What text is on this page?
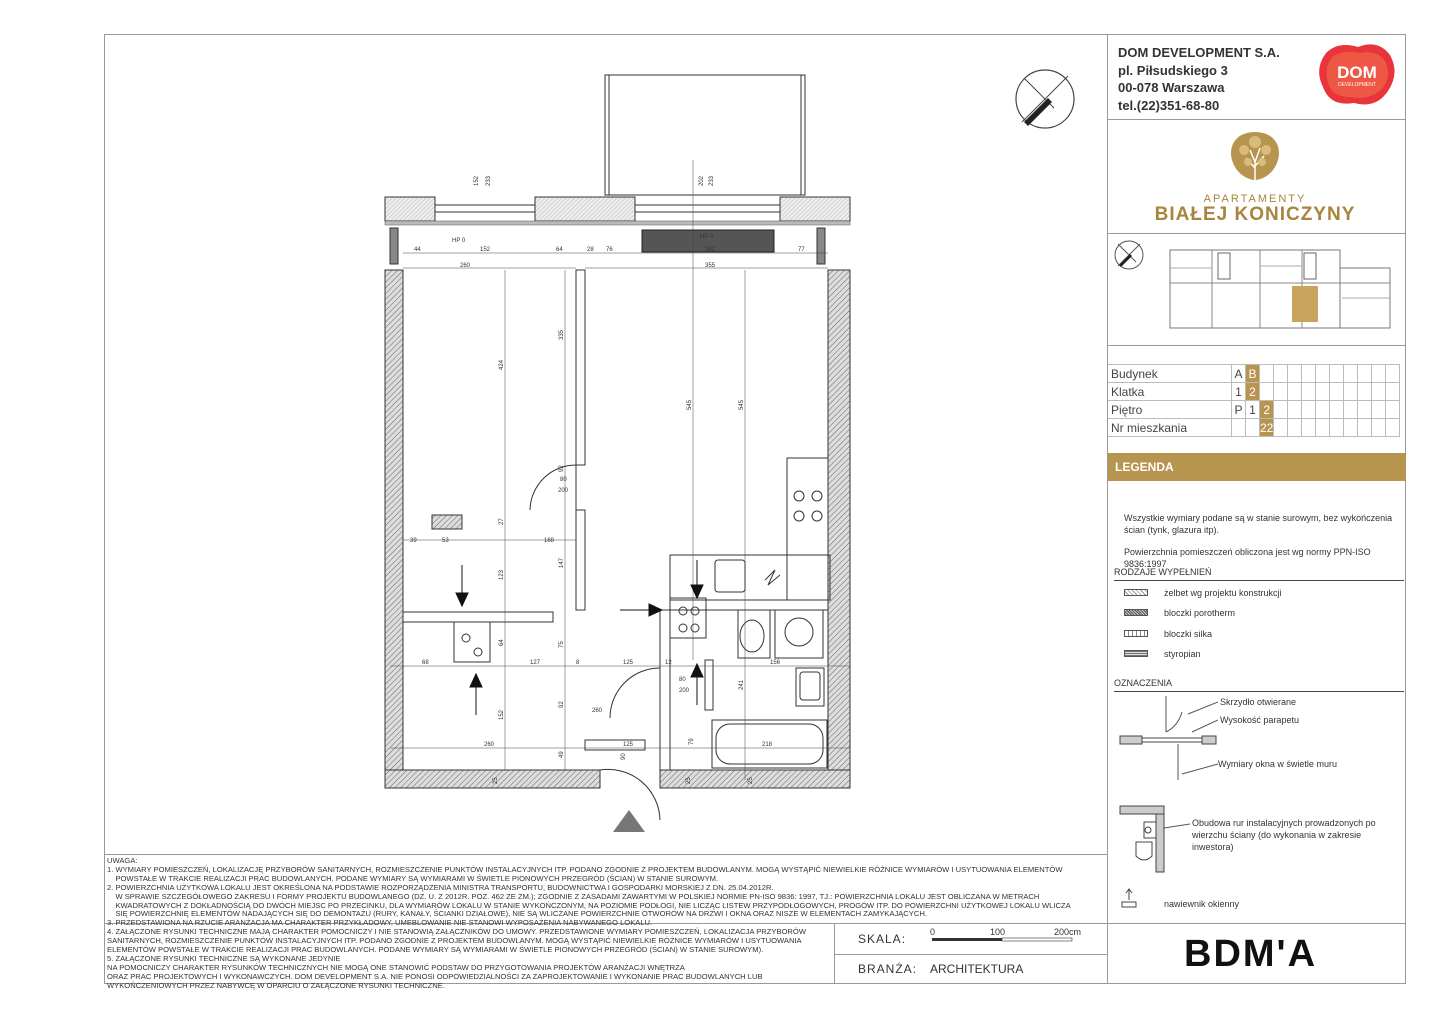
DOM DEVELOPMENT S.A.
pl. Piłsudskiego 3
00-078 Warszawa
tel.(22)351-68-80
DOM
DEVELOPMENT
APARTAMENTY
BIAŁEJ KONICZYNY
Budynek	A	B										
Klatka	1	2										
Piętro	P	1	2									
Nr mieszkania			22									
LEGENDA
Wszystkie wymiary podane są w stanie surowym, bez wykończenia ścian (tynk, glazura itp).
Powierzchnia pomieszczeń obliczona jest wg normy PPN-ISO 9836:1997
RODZAJE WYPEŁNIEŃ
żelbet wg projektu konstrukcji
bloczki porotherm
bloczki silka
styropian
OZNACZENIA
Skrzydło otwierane
Wysokość parapetu
Wymiary okna w świetle muru
Obudowa rur instalacyjnych prowadzonych po wierzchu ściany (do wykonania w zakresie inwestora)
nawiewnik okienny

UWAGA:

1. WYMIARY POMIESZCZEŃ, LOKALIZACJĘ PRZYBORÓW SANITARNYCH, ROZMIESZCZENIE PUNKTÓW INSTALACYJNYCH ITP. PODANO ZGODNIE Z PROJEKTEM BUDOWLANYM. MOGĄ WYSTĄPIĆ NIEWIELKIE RÓŻNICE WYMIARÓW I USYTUOWANIA ELEMENTÓW

POWSTAŁE W TRAKCIE REALIZACJI PRAC BUDOWLANYCH. PODANE WYMIARY SĄ WYMIARAMI W ŚWIETLE PIONOWYCH PRZEGRÓD (ŚCIAN) W STANIE SUROWYM.

2. POWIERZCHNIA UŻYTKOWA LOKALU JEST OKREŚLONA NA PODSTAWIE ROZPORZĄDZENIA MINISTRA TRANSPORTU, BUDOWNICTWA I GOSPODARKI MORSKIEJ Z DN. 25.04.2012R.

W SPRAWIE SZCZEGÓŁOWEGO ZAKRESU I FORMY PROJEKTU BUDOWLANEGO (DZ. U. Z 2012R. POZ. 462 ZE ZM.); ZGODNIE Z ZASADAMI ZAWARTYMI W POLSKIEJ NORMIE PN-ISO 9836: 1997, TJ.: POWIERZCHNIA LOKALU JEST OBLICZANA W METRACH

KWADRATOWYCH Z DOKŁADNOŚCIĄ DO DWÓCH MIEJSC PO PRZECINKU, DLA WYMIARÓW LOKALU W STANIE WYKOŃCZONYM, NA POZIOMIE PODŁOGI, NIE LICZĄC LISTEW PRZYPODŁOGOWYCH, PROGÓW ITP. DO POWIERZCHNI UŻYTKOWEJ LOKALU WLICZA

SIĘ POWIERZCHNIĘ ELEMENTÓW NADAJĄCYCH SIĘ DO DEMONTAŻU (RURY, KANAŁY, ŚCIANKI DZIAŁOWE), NIE SĄ WLICZANE POWIERZCHNIE OTWORÓW NA DRZWI I OKNA ORAZ NISZE W ELEMENTACH ZAMYKAJĄCYCH.

3. PRZEDSTAWIONA NA RZUCIE ARANŻACJA MA CHARAKTER PRZYKŁADOWY, UMEBLOWANIE NIE STANOWI WYPOSAŻENIA NABYWANEGO LOKALU.

4. ZAŁĄCZONE RYSUNKI TECHNICZNE MAJĄ CHARAKTER POMOCNICZY I NIE STANOWIĄ ZAŁĄCZNIKÓW DO UMOWY. PRZEDSTAWIONE WYMIARY POMIESZCZEŃ, LOKALIZACJA PRZYBORÓW

SANITARNYCH, ROZMIESZCZENIE PUNKTÓW INSTALACYJNYCH ITP. PODANO ZGODNIE Z PROJEKTEM BUDOWLANYM. MOGĄ WYSTĄPIĆ NIEWIELKIE RÓŻNICE WYMIARÓW I USYTUOWANIA

ELEMENTÓW POWSTAŁE W TRAKCIE REALIZACJI PRAC BUDOWLANYCH. PODANE WYMIARY SĄ WYMIARAMI W ŚWIETLE PIONOWYCH PRZEGRÓD (ŚCIAN) W STANIE SUROWYM).

5. ZAŁĄCZONE RYSUNKI TECHNICZNE SĄ WYKONANE JEDYNIE

NA POMOCNICZY CHARAKTER RYSUNKÓW TECHNICZNYCH NIE MOGĄ ONE STANOWIĆ PODSTAW DO PRZYGOTOWANIA PROJEKTÓW ARANŻACJI WNĘTRZA

ORAZ PRAC PROJEKTOWYCH I WYKONAWCZYCH. DOM DEVELOPMENT S.A. NIE PONOSI ODPOWIEDZIALNOŚCI ZA ZAPROJEKTOWANIE I WYKONANIE PRAC BUDOWLANYCH LUB

WYKOŃCZENIOWYCH PRZEZ NABYWCĘ W OPARCIU O ZAŁĄCZONE RYSUNKI TECHNICZNE.

SKALA:	0	100	200cm
BRANŻA: ARCHITEKTURA	BDM'A
HP 0
HP 0
152 233	202 233
44	152	64	28 76	202	77
260	355
335
424
545	545
92
80
200
39	53	168
27
123
147
68	127	8	125	12	156
64	75
241
80
200
152
92
260
260	125	218
49	90
79
25	25	25
